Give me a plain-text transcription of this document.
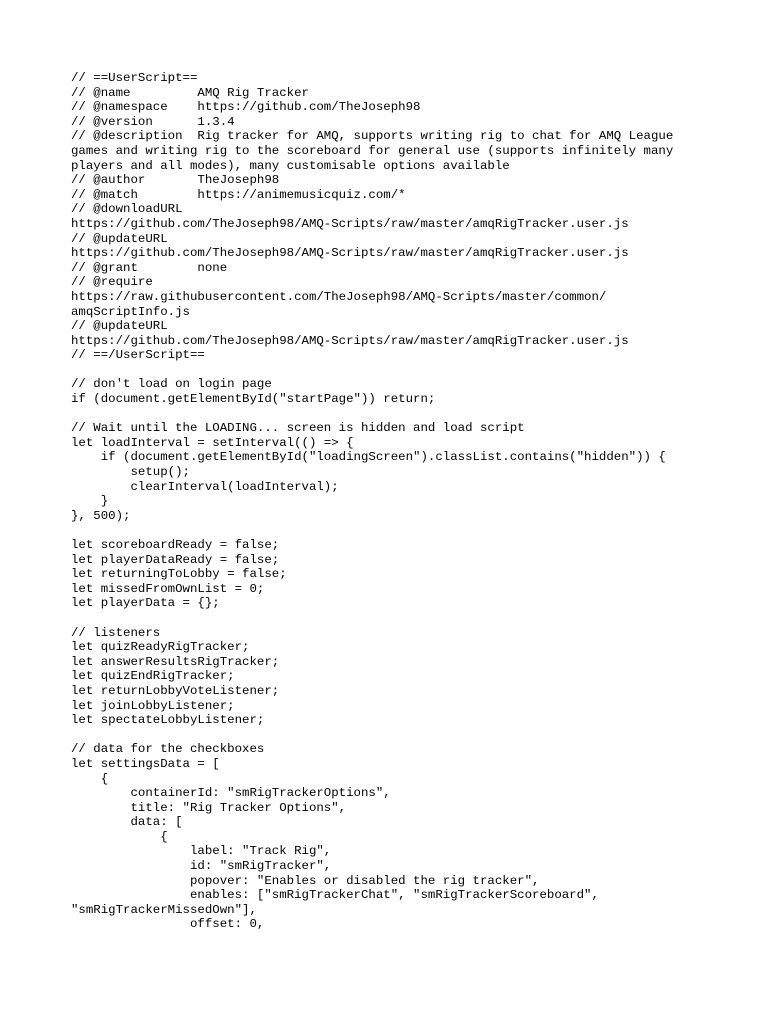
// ==UserScript==
// @name         AMQ Rig Tracker
// @namespace    https://github.com/TheJoseph98
// @version      1.3.4
// @description  Rig tracker for AMQ, supports writing rig to chat for AMQ League
games and writing rig to the scoreboard for general use (supports infinitely many
players and all modes), many customisable options available
// @author       TheJoseph98
// @match        https://animemusicquiz.com/*
// @downloadURL
https://github.com/TheJoseph98/AMQ-Scripts/raw/master/amqRigTracker.user.js
// @updateURL
https://github.com/TheJoseph98/AMQ-Scripts/raw/master/amqRigTracker.user.js
// @grant        none
// @require
https://raw.githubusercontent.com/TheJoseph98/AMQ-Scripts/master/common/
amqScriptInfo.js
// @updateURL
https://github.com/TheJoseph98/AMQ-Scripts/raw/master/amqRigTracker.user.js
// ==/UserScript==
// don't load on login page
if (document.getElementById("startPage")) return;
// Wait until the LOADING... screen is hidden and load script
let loadInterval = setInterval(() => {
if (document.getElementById("loadingScreen").classList.contains("hidden")) {
setup();
clearInterval(loadInterval);
}
}, 500);
let scoreboardReady = false;
let playerDataReady = false;
let returningToLobby = false;
let missedFromOwnList = 0;
let playerData = {};
// listeners
let quizReadyRigTracker;
let answerResultsRigTracker;
let quizEndRigTracker;
let returnLobbyVoteListener;
let joinLobbyListener;
let spectateLobbyListener;
// data for the checkboxes
let settingsData = [
{
containerId: "smRigTrackerOptions",
title: "Rig Tracker Options",
data: [
{
label: "Track Rig",
id: "smRigTracker",
popover: "Enables or disabled the rig tracker",
enables: ["smRigTrackerChat", "smRigTrackerScoreboard",
"smRigTrackerMissedOwn"],
offset: 0,
